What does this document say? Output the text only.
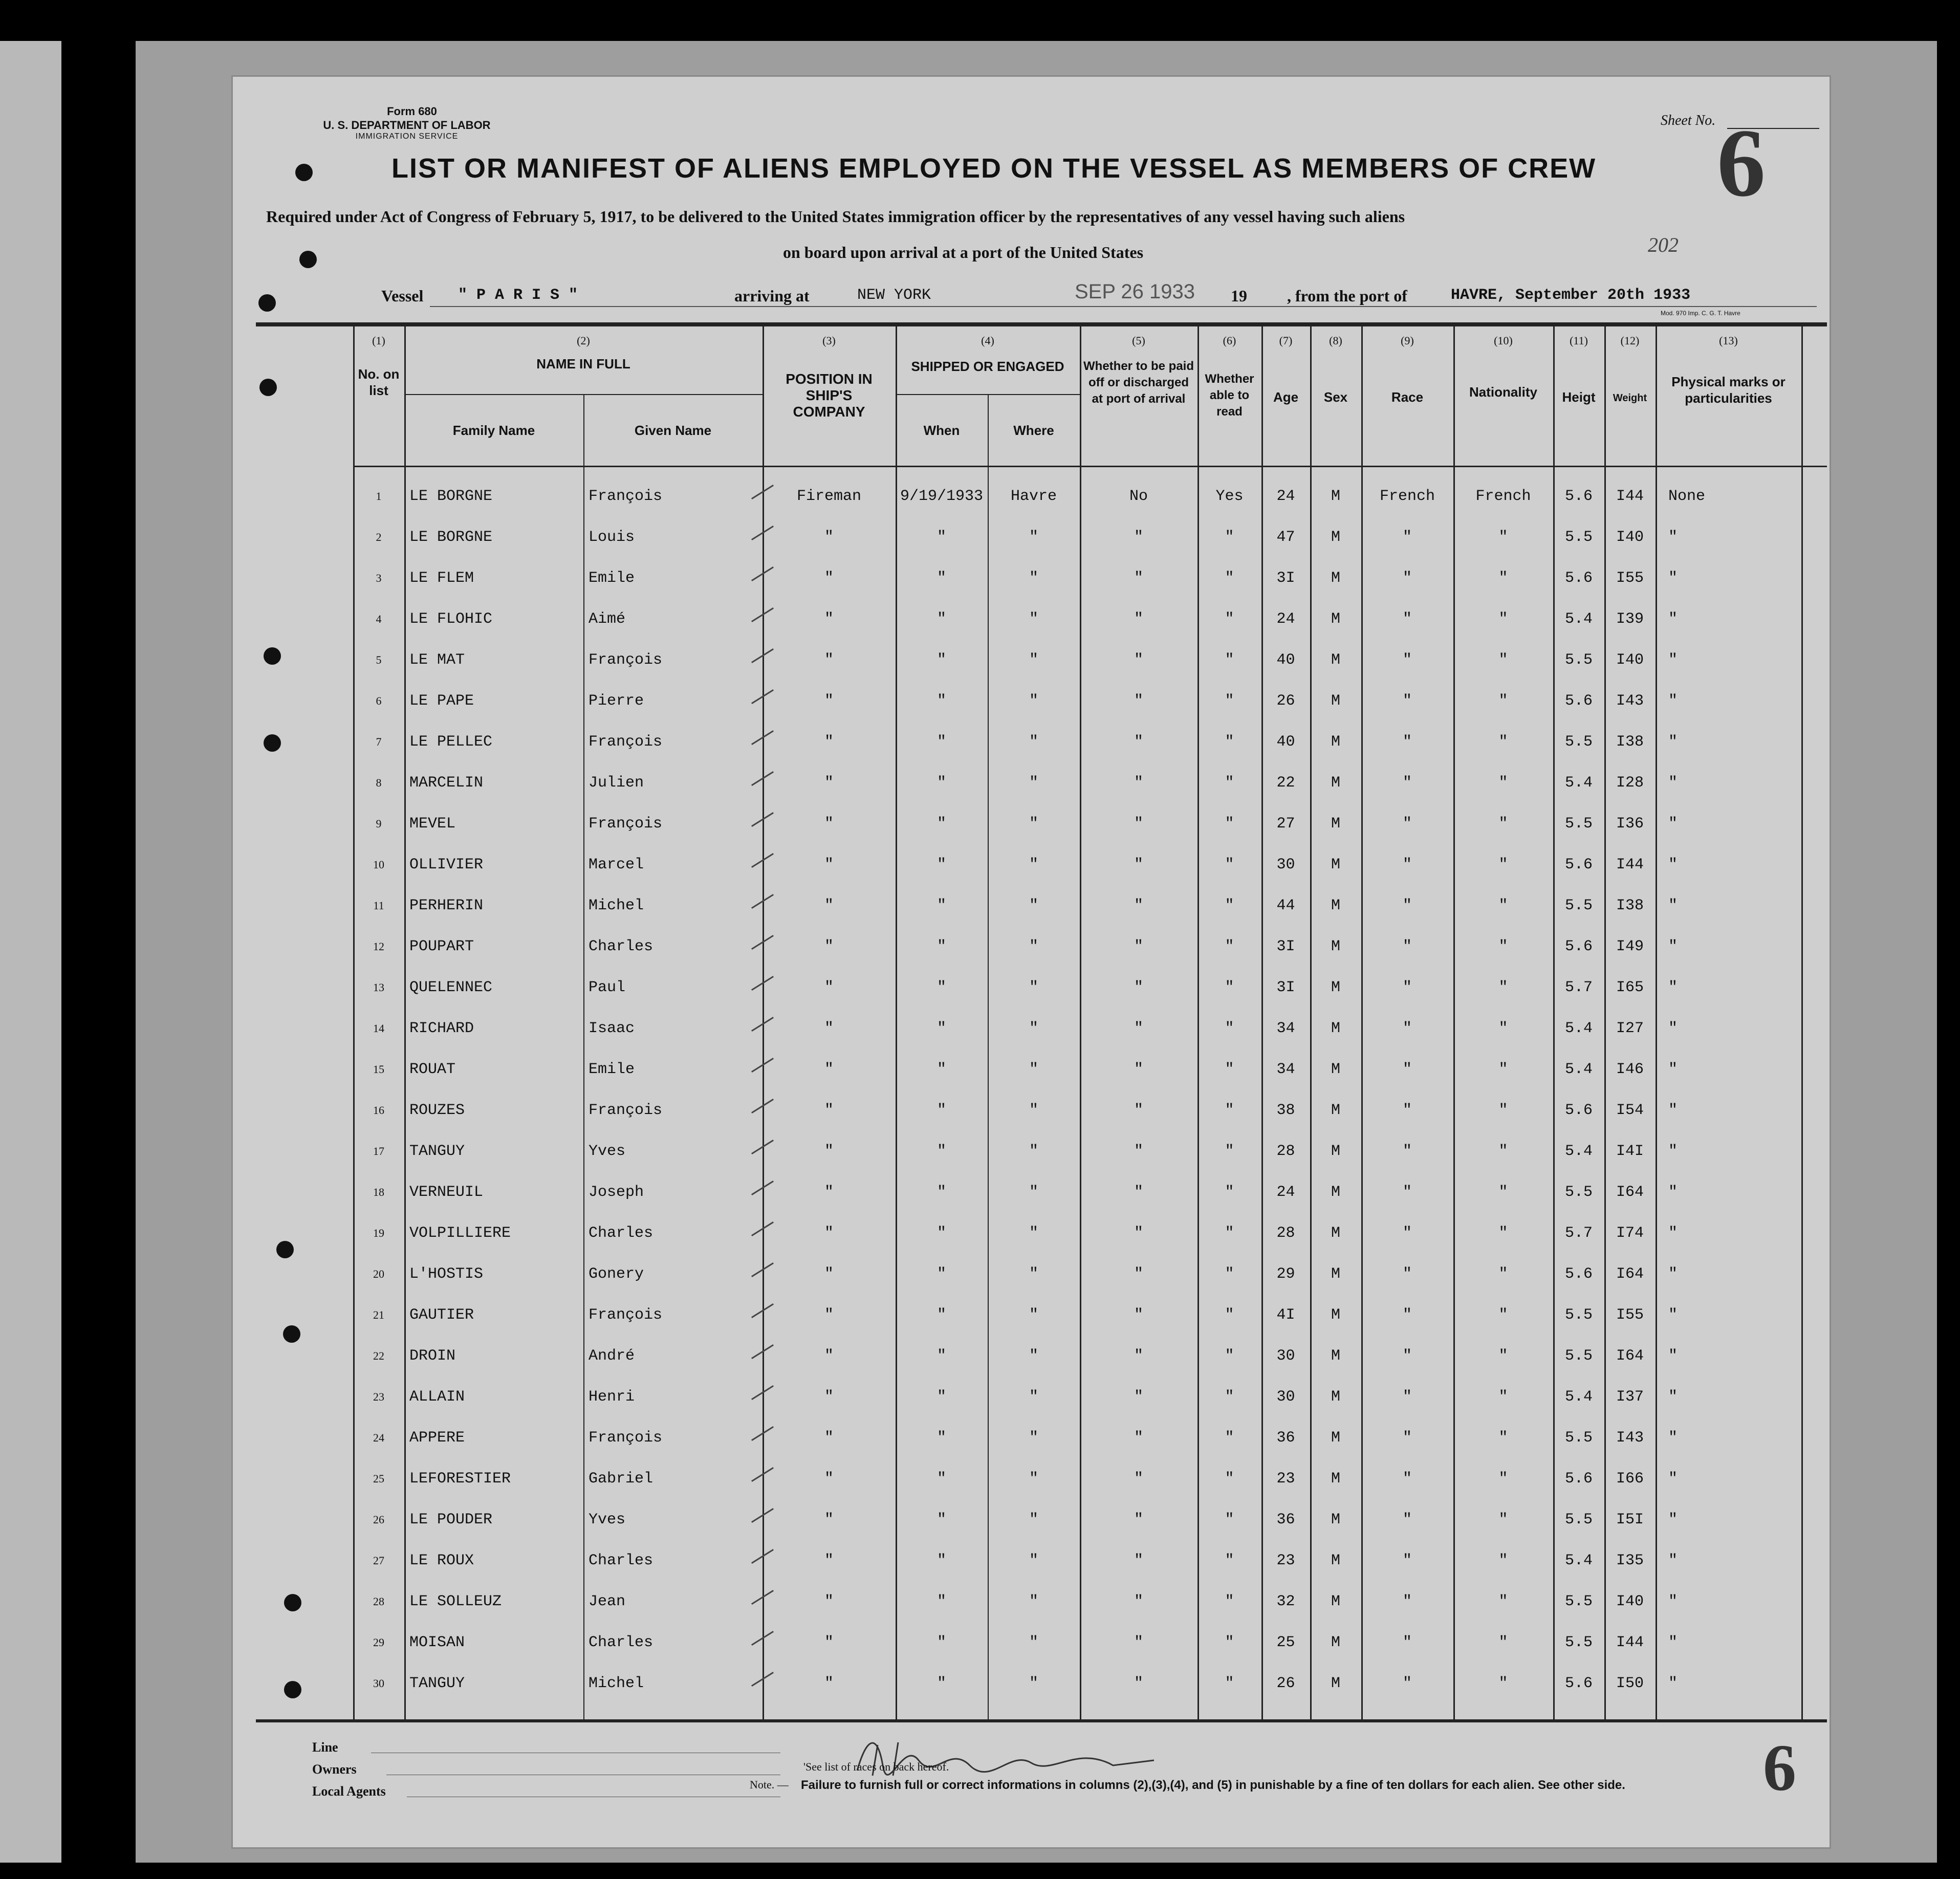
Form 680
U. S. DEPARTMENT OF LABOR
IMMIGRATION SERVICE
Sheet No. 6
LIST OR MANIFEST OF ALIENS EMPLOYED ON THE VESSEL AS MEMBERS OF CREW
Required under Act of Congress of February 5, 1917, to be delivered to the United States immigration officer by the representatives of any vessel having such aliens
on board upon arrival at a port of the United States	202
Vessel " P A R I S "	arriving at	NEW YORK	SEP 26 1933 19 , from the port of	HAVRE, September 20th 1933
Mod. 970 Imp. C. G. T. Havre
(1)
No. on list
(2)
NAME IN FULL
Family Name	Given Name
(3)
POSITION IN SHIP'S COMPANY
(4)
SHIPPED OR ENGAGED
When	Where
(5)
Whether to be paid off or discharged at port of arrival
(6)
Whether able to read
(7)
Age
(8)
Sex
(9)
Race
(10)
Nationality
(11)
Heigt
(12)
Weight
(13)
Physical marks or particularities
1	LE BORGNE	François	Fireman	9/19/1933	Havre	No	Yes	24	M	French	French	5.6	I44	None
2	LE BORGNE	Louis	"	"	"	"	"	47	M	"	"	5.5	I40	"
3	LE FLEM	Emile	"	"	"	"	"	3I	M	"	"	5.6	I55	"
4	LE FLOHIC	Aimé	"	"	"	"	"	24	M	"	"	5.4	I39	"
5	LE MAT	François	"	"	"	"	"	40	M	"	"	5.5	I40	"
6	LE PAPE	Pierre	"	"	"	"	"	26	M	"	"	5.6	I43	"
7	LE PELLEC	François	"	"	"	"	"	40	M	"	"	5.5	I38	"
8	MARCELIN	Julien	"	"	"	"	"	22	M	"	"	5.4	I28	"
9	MEVEL	François	"	"	"	"	"	27	M	"	"	5.5	I36	"
10	OLLIVIER	Marcel	"	"	"	"	"	30	M	"	"	5.6	I44	"
11	PERHERIN	Michel	"	"	"	"	"	44	M	"	"	5.5	I38	"
12	POUPART	Charles	"	"	"	"	"	3I	M	"	"	5.6	I49	"
13	QUELENNEC	Paul	"	"	"	"	"	3I	M	"	"	5.7	I65	"
14	RICHARD	Isaac	"	"	"	"	"	34	M	"	"	5.4	I27	"
15	ROUAT	Emile	"	"	"	"	"	34	M	"	"	5.4	I46	"
16	ROUZES	François	"	"	"	"	"	38	M	"	"	5.6	I54	"
17	TANGUY	Yves	"	"	"	"	"	28	M	"	"	5.4	I4I	"
18	VERNEUIL	Joseph	"	"	"	"	"	24	M	"	"	5.5	I64	"
19	VOLPILLIERE	Charles	"	"	"	"	"	28	M	"	"	5.7	I74	"
20	L'HOSTIS	Gonery	"	"	"	"	"	29	M	"	"	5.6	I64	"
21	GAUTIER	François	"	"	"	"	"	4I	M	"	"	5.5	I55	"
22	DROIN	André	"	"	"	"	"	30	M	"	"	5.5	I64	"
23	ALLAIN	Henri	"	"	"	"	"	30	M	"	"	5.4	I37	"
24	APPERE	François	"	"	"	"	"	36	M	"	"	5.5	I43	"
25	LEFORESTIER	Gabriel	"	"	"	"	"	23	M	"	"	5.6	I66	"
26	LE POUDER	Yves	"	"	"	"	"	36	M	"	"	5.5	I5I	"
27	LE ROUX	Charles	"	"	"	"	"	23	M	"	"	5.4	I35	"
28	LE SOLLEUZ	Jean	"	"	"	"	"	32	M	"	"	5.5	I40	"
29	MOISAN	Charles	"	"	"	"	"	25	M	"	"	5.5	I44	"
30	TANGUY	Michel	"	"	"	"	"	26	M	"	"	5.6	I50	"
Line
Owners
Local Agents
'See list of races on back hereof.
Note. — Failure to furnish full or correct informations in columns (2),(3),(4), and (5) in punishable by a fine of ten dollars for each alien. See other side. 6
